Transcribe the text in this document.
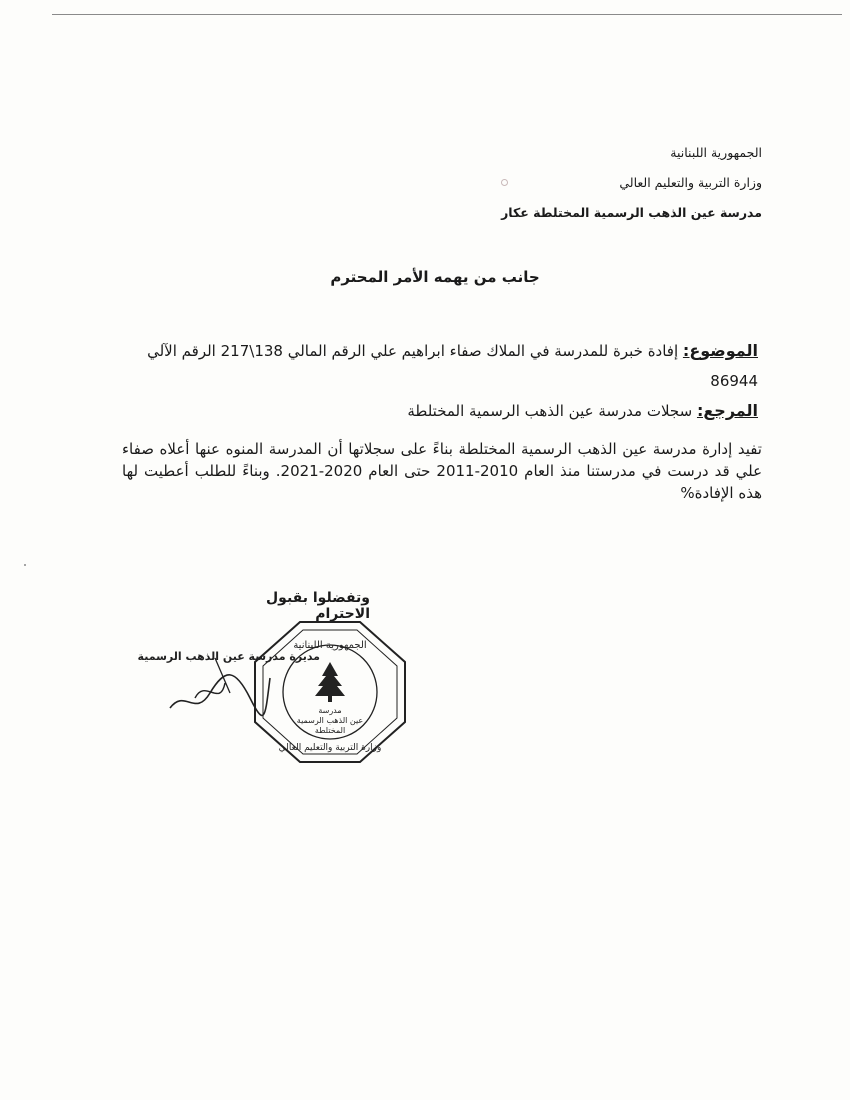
الجمهورية اللبنانية
وزارة التربية والتعليم العالي
مدرسة عين الذهب الرسمية المختلطة عكار
جانب من يهمه الأمر المحترم
الموضوع: إفادة خبرة للمدرسة في الملاك صفاء ابراهيم علي الرقم المالي 138\217 الرقم الآلي 86944
المرجع: سجلات مدرسة عين الذهب الرسمية المختلطة
تفيد إدارة مدرسة عين الذهب الرسمية المختلطة بناءً على سجلاتها أن المدرسة المنوه عنها أعلاه صفاء علي قد درست في مدرستنا منذ العام 2010-2011 حتى العام 2020-2021. وبناءً للطلب أعطيت لها هذه الإفادة%
وتفضلوا بقبول الاحترام
مديرة مدرسة عين الذهب الرسمية
الجمهورية اللبنانية
وزارة التربية والتعليم العالي
مدرسة
عين الذهب الرسمية
المختلطة
